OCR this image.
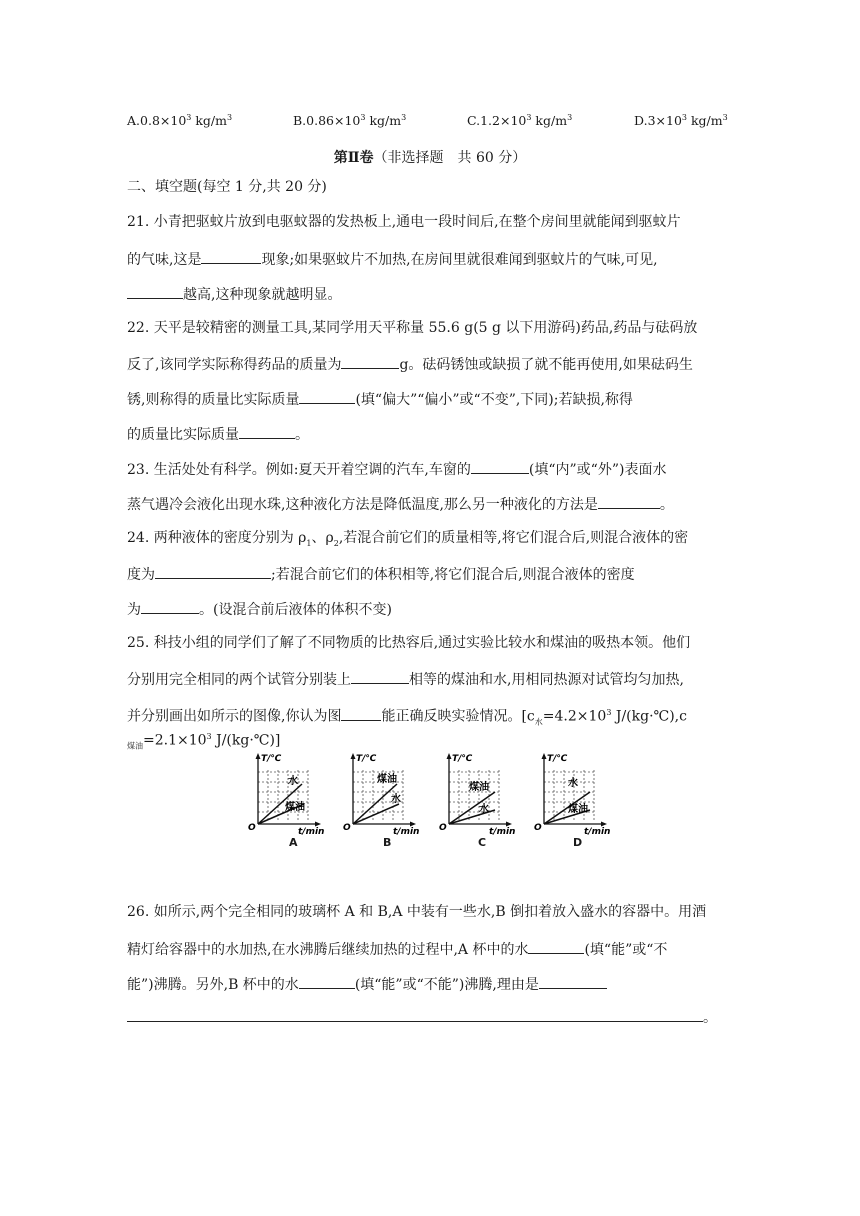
$A.0.8\times 10^3$ $kg/m^3$	$B.0.86\times 10^3$ $kg/m^3$	$C.1.2\times 10^3$ $kg/m^3$	$D.3\times 10^3$ $kg/m^3$
第Ⅱ卷（非选择题　共 60 分）
二、填空题(每空 1 分,共 20 分)
21. 小青把驱蚊片放到电驱蚊器的发热板上,通电一段时间后,在整个房间里就能闻到驱蚊片
的气味,这是	现象;如果驱蚊片不加热,在房间里就很难闻到驱蚊片的气味,可见,
越高,这种现象就越明显。
22. 天平是较精密的测量工具,某同学用天平称量 55.6 g(5 g 以下用游码)药品,药品与砝码放
反了,该同学实际称得药品的质量为	g。砝码锈蚀或缺损了就不能再使用,如果砝码生
锈,则称得的质量比实际质量	(填“偏大”“偏小”或“不变”,下同);若缺损,称得
的质量比实际质量	。
23. 生活处处有科学。例如:夏天开着空调的汽车,车窗的	(填“内”或“外”)表面水
蒸气遇冷会液化出现水珠,这种液化方法是降低温度,那么另一种液化的方法是	。
24. 两种液体的密度分别为 $\rho_1$、$\rho_2$,若混合前它们的质量相等,将它们混合后,则混合液体的密
度为	;若混合前它们的体积相等,将它们混合后,则混合液体的密度
为	。(设混合前后液体的体积不变)
25. 科技小组的同学们了解了不同物质的比热容后,通过实验比较水和煤油的吸热本领。他们
分别用完全相同的两个试管分别装上	相等的煤油和水,用相同热源对试管均匀加热,
并分别画出如所示的图像,你认为图	能正确反映实验情况。[$c_水=4.2\times 10^3$ J/(kg·℃),c
$_{煤油}=2.1\times 10^3$ J/(kg·℃)]
T/℃
t/min
O
水
煤油
A
T/℃
t/min
O
煤油
水
B
T/℃
t/min
O
煤油
水
C
T/℃
t/min
O
水
煤油
D
26. 如所示,两个完全相同的玻璃杯 A 和 B,A 中装有一些水,B 倒扣着放入盛水的容器中。用酒
精灯给容器中的水加热,在水沸腾后继续加热的过程中,A 杯中的水	(填“能”或“不
能”)沸腾。另外,B 杯中的水	(填“能”或“不能”)沸腾,理由是
。
